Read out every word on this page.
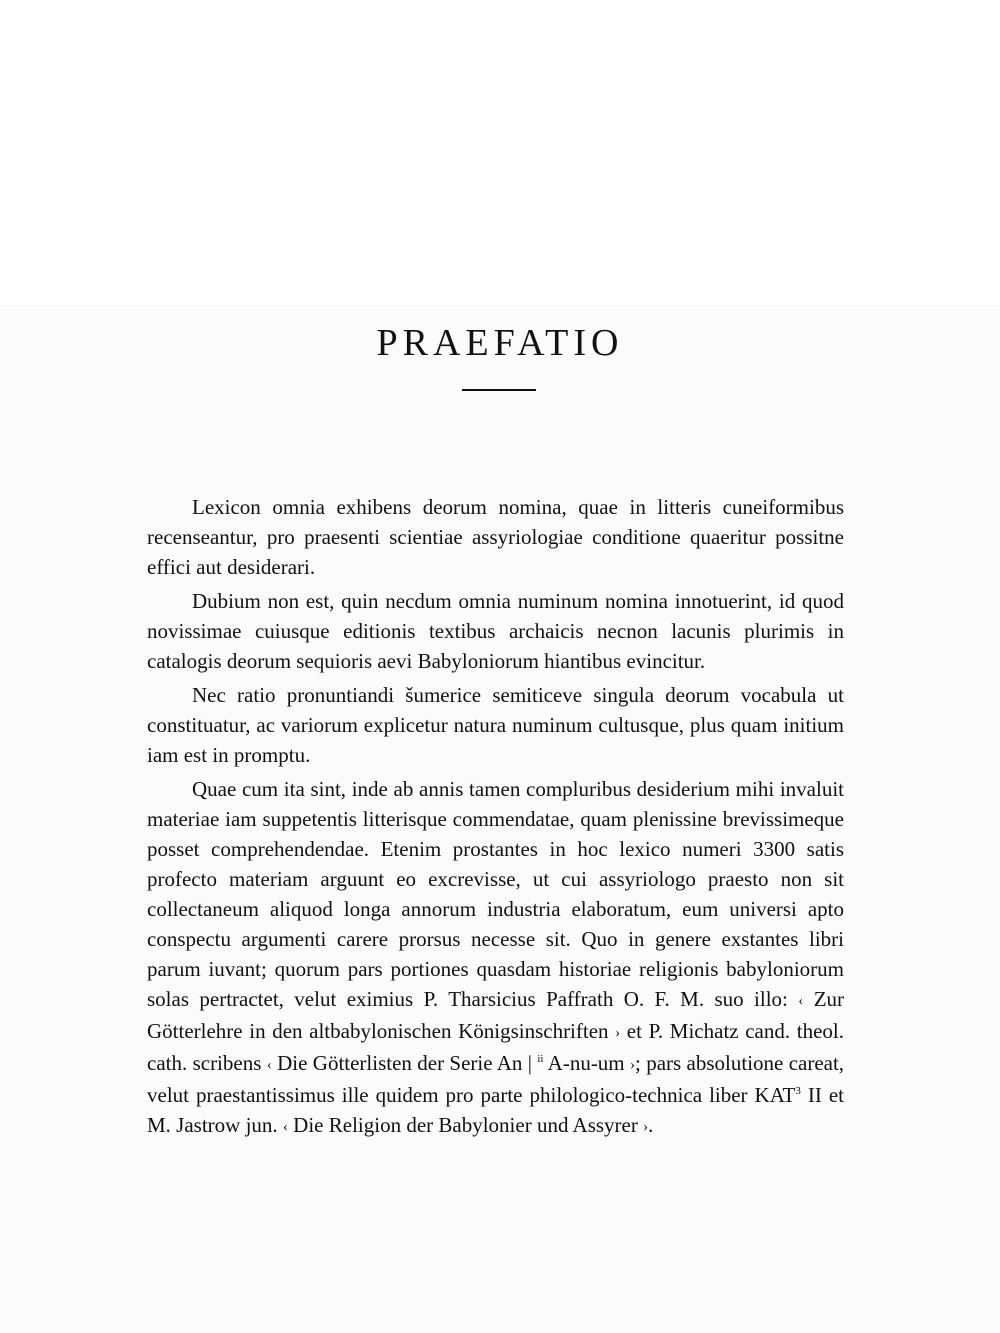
PRAEFATIO

Lexicon omnia exhibens deorum nomina, quae in litteris cuneiformibus recenseantur, pro praesenti scientiae assyriologiae conditione quaeritur possitne effici aut desiderari.

Dubium non est, quin necdum omnia numinum nomina innotuerint, id quod novissimae cuiusque editionis textibus archaicis necnon lacunis plurimis in catalogis deorum sequioris aevi Babyloniorum hiantibus evincitur.

Nec ratio pronuntiandi šumerice semiticeve singula deorum vocabula ut constituatur, ac variorum explicetur natura numinum cultusque, plus quam initium iam est in promptu.

Quae cum ita sint, inde ab annis tamen compluribus desiderium mihi invaluit materiae iam suppetentis litterisque commendatae, quam plenissine brevissimeque posset comprehendendae. Etenim prostantes in hoc lexico numeri 3300 satis profecto materiam arguunt eo excrevisse, ut cui assyriologo praesto non sit collectaneum aliquod longa annorum industria elaboratum, eum universi apto conspectu argumenti carere prorsus necesse sit. Quo in genere exstantes libri parum iuvant; quorum pars portiones quasdam historiae religionis babyloniorum solas pertractet, velut eximius P. Tharsicius Paffrath O. F. M. suo illo: ‹ Zur Götterlehre in den altbabylonischen Königsinschriften › et P. Michatz cand. theol. cath. scribens ‹ Die Götterlisten der Serie An | $^{ii}$ A-nu-um ›; pars absolutione careat, velut praestantissimus ille quidem pro parte philologico-technica liber KAT$^3$ II et M. Jastrow jun. ‹ Die Religion der Babylonier und Assyrer ›.
